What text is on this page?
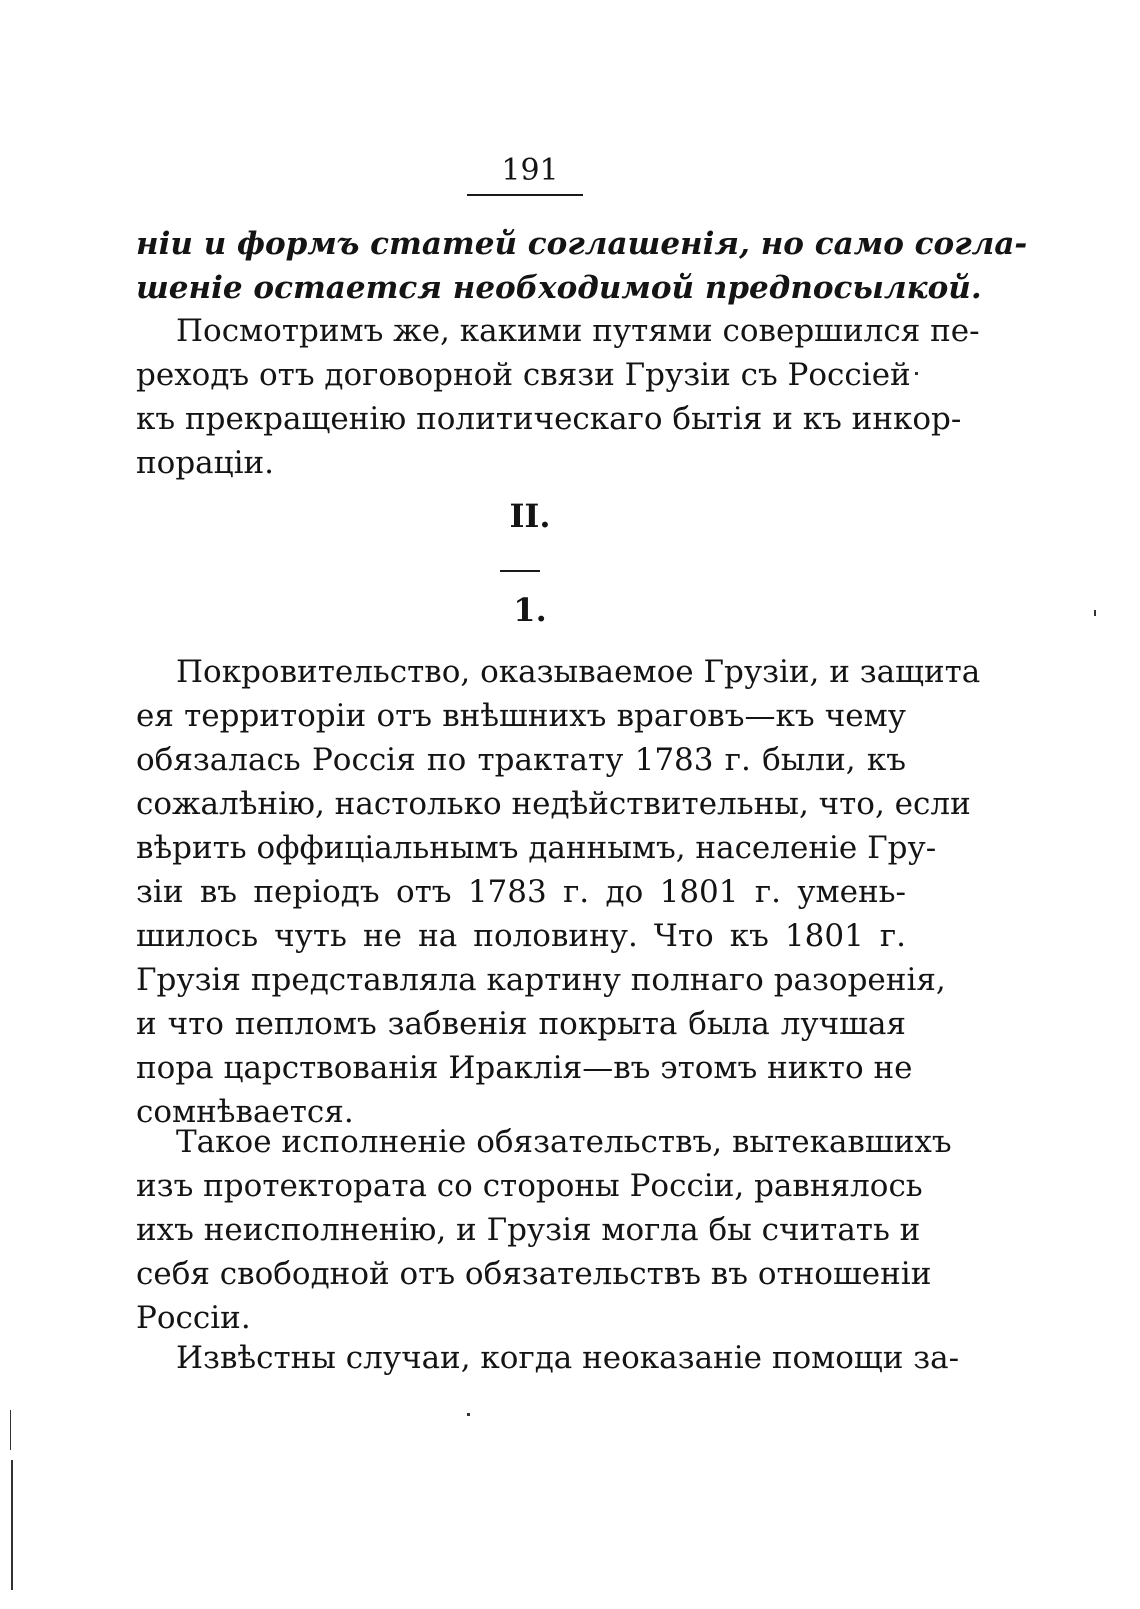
191
нiи и формъ статей соглашенiя, но само согла-
шенiе остается необходимой предпосылкой.
Посмотримъ же, какими путями совершился пе-
реходъ отъ договорной связи Грузiи съ Россiей
къ прекращенiю политическаго бытiя и къ инкор-
порацiи.
II.
1.
Покровительство, оказываемое Грузiи, и защита
ея территорiи отъ внѣшнихъ враговъ—къ чему
обязалась Россiя по трактату 1783 г. были, къ
сожалѣнiю, настолько недѣйствительны, что, если
вѣрить оффицiальнымъ даннымъ, населенiе Гру-
зiи въ перiодъ отъ 1783 г. до 1801 г. умень-
шилось чуть не на половину. Что къ 1801 г.
Грузiя представляла картину полнаго разоренiя,
и что пепломъ забвенiя покрыта была лучшая
пора царствованiя Ираклiя—въ этомъ никто не
сомнѣвается.
Такое исполненiе обязательствъ, вытекавшихъ
изъ протектората со стороны Россiи, равнялось
ихъ неисполненiю, и Грузiя могла бы считать и
себя свободной отъ обязательствъ въ отношенiи
Россiи.
Извѣстны случаи, когда неоказанiе помощи за-
